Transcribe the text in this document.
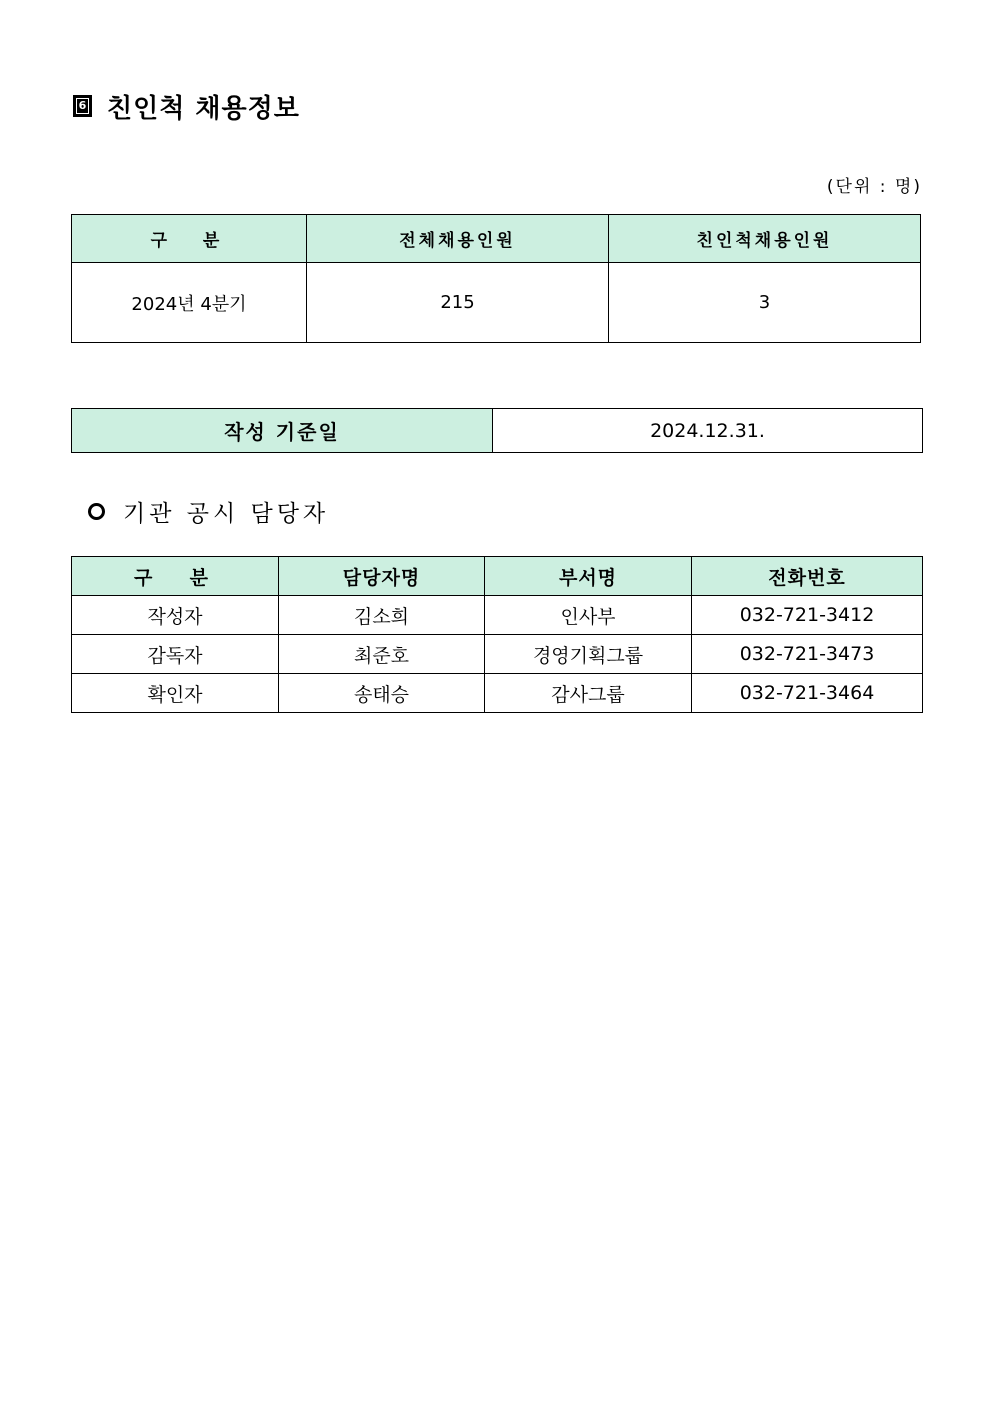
6 친인척 채용정보
(단위 : 명)
구  분	전체채용인원	친인척채용인원
2024년 4분기	215	3
작성 기준일	2024.12.31.
기관 공시 담당자
구  분	담당자명	부서명	전화번호
작성자	김소희	인사부	032-721-3412
감독자	최준호	경영기획그룹	032-721-3473
확인자	송태승	감사그룹	032-721-3464
